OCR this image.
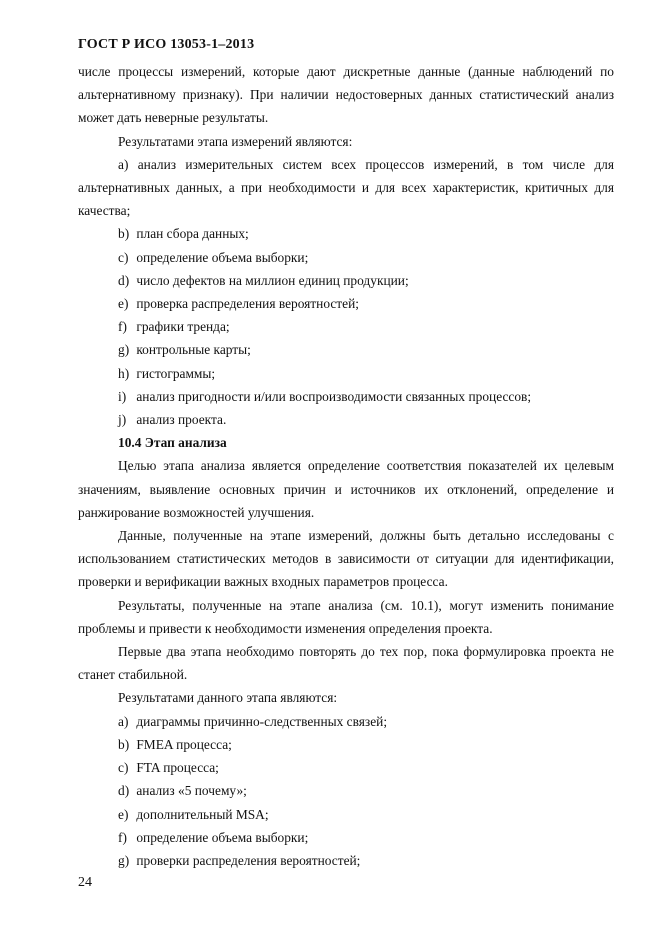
ГОСТ Р ИСО 13053-1–2013

числе процессы измерений, которые дают дискретные данные (данные наблюдений по альтернативному признаку). При наличии недостоверных данных статистический анализ может дать неверные результаты.

Результатами этапа измерений являются:

a) анализ измерительных систем всех процессов измерений, в том числе для альтернативных данных, а при необходимости и для всех характеристик, критичных для качества;

b) план сбора данных;

c) определение объема выборки;

d) число дефектов на миллион единиц продукции;

e) проверка распределения вероятностей;

f) графики тренда;

g) контрольные карты;

h) гистограммы;

i) анализ пригодности и/или воспроизводимости связанных процессов;

j) анализ проекта.

10.4 Этап анализа

Целью этапа анализа является определение соответствия показателей их целевым значениям, выявление основных причин и источников их отклонений, определение и ранжирование возможностей улучшения.

Данные, полученные на этапе измерений, должны быть детально исследованы с использованием статистических методов в зависимости от ситуации для идентификации, проверки и верификации важных входных параметров процесса.

Результаты, полученные на этапе анализа (см. 10.1), могут изменить понимание проблемы и привести к необходимости изменения определения проекта.

Первые два этапа необходимо повторять до тех пор, пока формулировка проекта не станет стабильной.

Результатами данного этапа являются:

a) диаграммы причинно-следственных связей;

b) FMEA процесса;

c) FTA процесса;

d) анализ «5 почему»;

e) дополнительный MSA;

f) определение объема выборки;

g) проверки распределения вероятностей;

24
